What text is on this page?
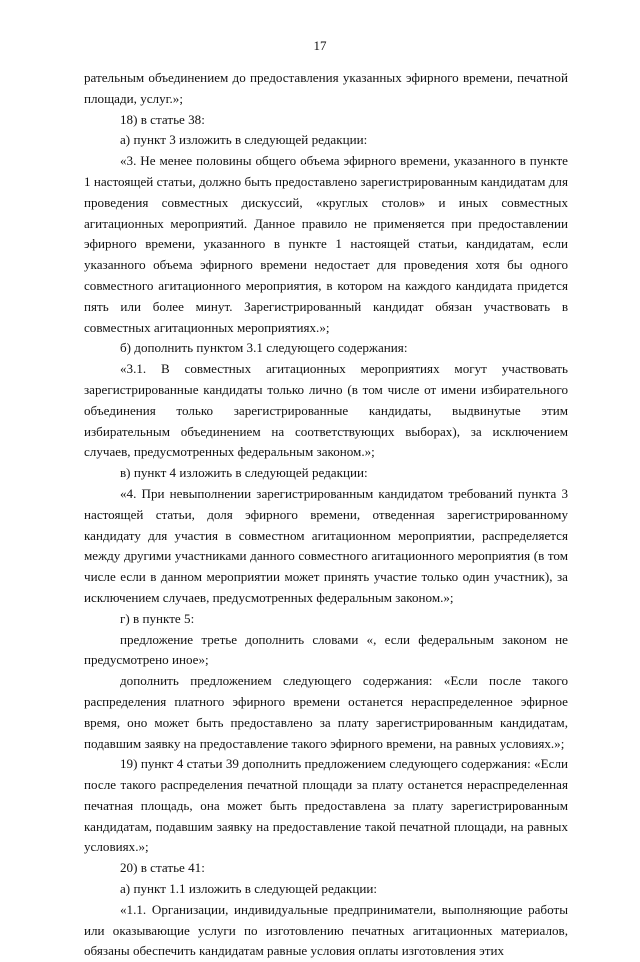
17

рательным объединением до предоставления указанных эфирного времени, печатной площади, услуг.»;

18) в статье 38:

а) пункт 3 изложить в следующей редакции:

«3. Не менее половины общего объема эфирного времени, указанного в пункте 1 настоящей статьи, должно быть предоставлено зарегистрированным кандидатам для проведения совместных дискуссий, «круглых столов» и иных совместных агитационных мероприятий. Данное правило не применяется при предоставлении эфирного времени, указанного в пункте 1 настоящей статьи, кандидатам, если указанного объема эфирного времени недостает для проведения хотя бы одного совместного агитационного мероприятия, в котором на каждого кандидата придется пять или более минут. Зарегистрированный кандидат обязан участвовать в совместных агитационных мероприятиях.»;

б) дополнить пунктом 3.1 следующего содержания:

«3.1. В совместных агитационных мероприятиях могут участвовать зарегистрированные кандидаты только лично (в том числе от имени избирательного объединения только зарегистрированные кандидаты, выдвинутые этим избирательным объединением на соответствующих выборах), за исключением случаев, предусмотренных федеральным законом.»;

в) пункт 4 изложить в следующей редакции:

«4. При невыполнении зарегистрированным кандидатом требований пункта 3 настоящей статьи, доля эфирного времени, отведенная зарегистрированному кандидату для участия в совместном агитационном мероприятии, распределяется между другими участниками данного совместного агитационного мероприятия (в том числе если в данном мероприятии может принять участие только один участник), за исключением случаев, предусмотренных федеральным законом.»;

г) в пункте 5:

предложение третье дополнить словами «, если федеральным законом не предусмотрено иное»;

дополнить предложением следующего содержания: «Если после такого распределения платного эфирного времени останется нераспределенное эфирное время, оно может быть предоставлено за плату зарегистрированным кандидатам, подавшим заявку на предоставление такого эфирного времени, на равных условиях.»;

19) пункт 4 статьи 39 дополнить предложением следующего содержания: «Если после такого распределения печатной площади за плату останется нераспределенная печатная площадь, она может быть предоставлена за плату зарегистрированным кандидатам, подавшим заявку на предоставление такой печатной площади, на равных условиях.»;

20) в статье 41:

а) пункт 1.1 изложить в следующей редакции:

«1.1. Организации, индивидуальные предприниматели, выполняющие работы или оказывающие услуги по изготовлению печатных агитационных материалов, обязаны обеспечить кандидатам равные условия оплаты изготовления этих
